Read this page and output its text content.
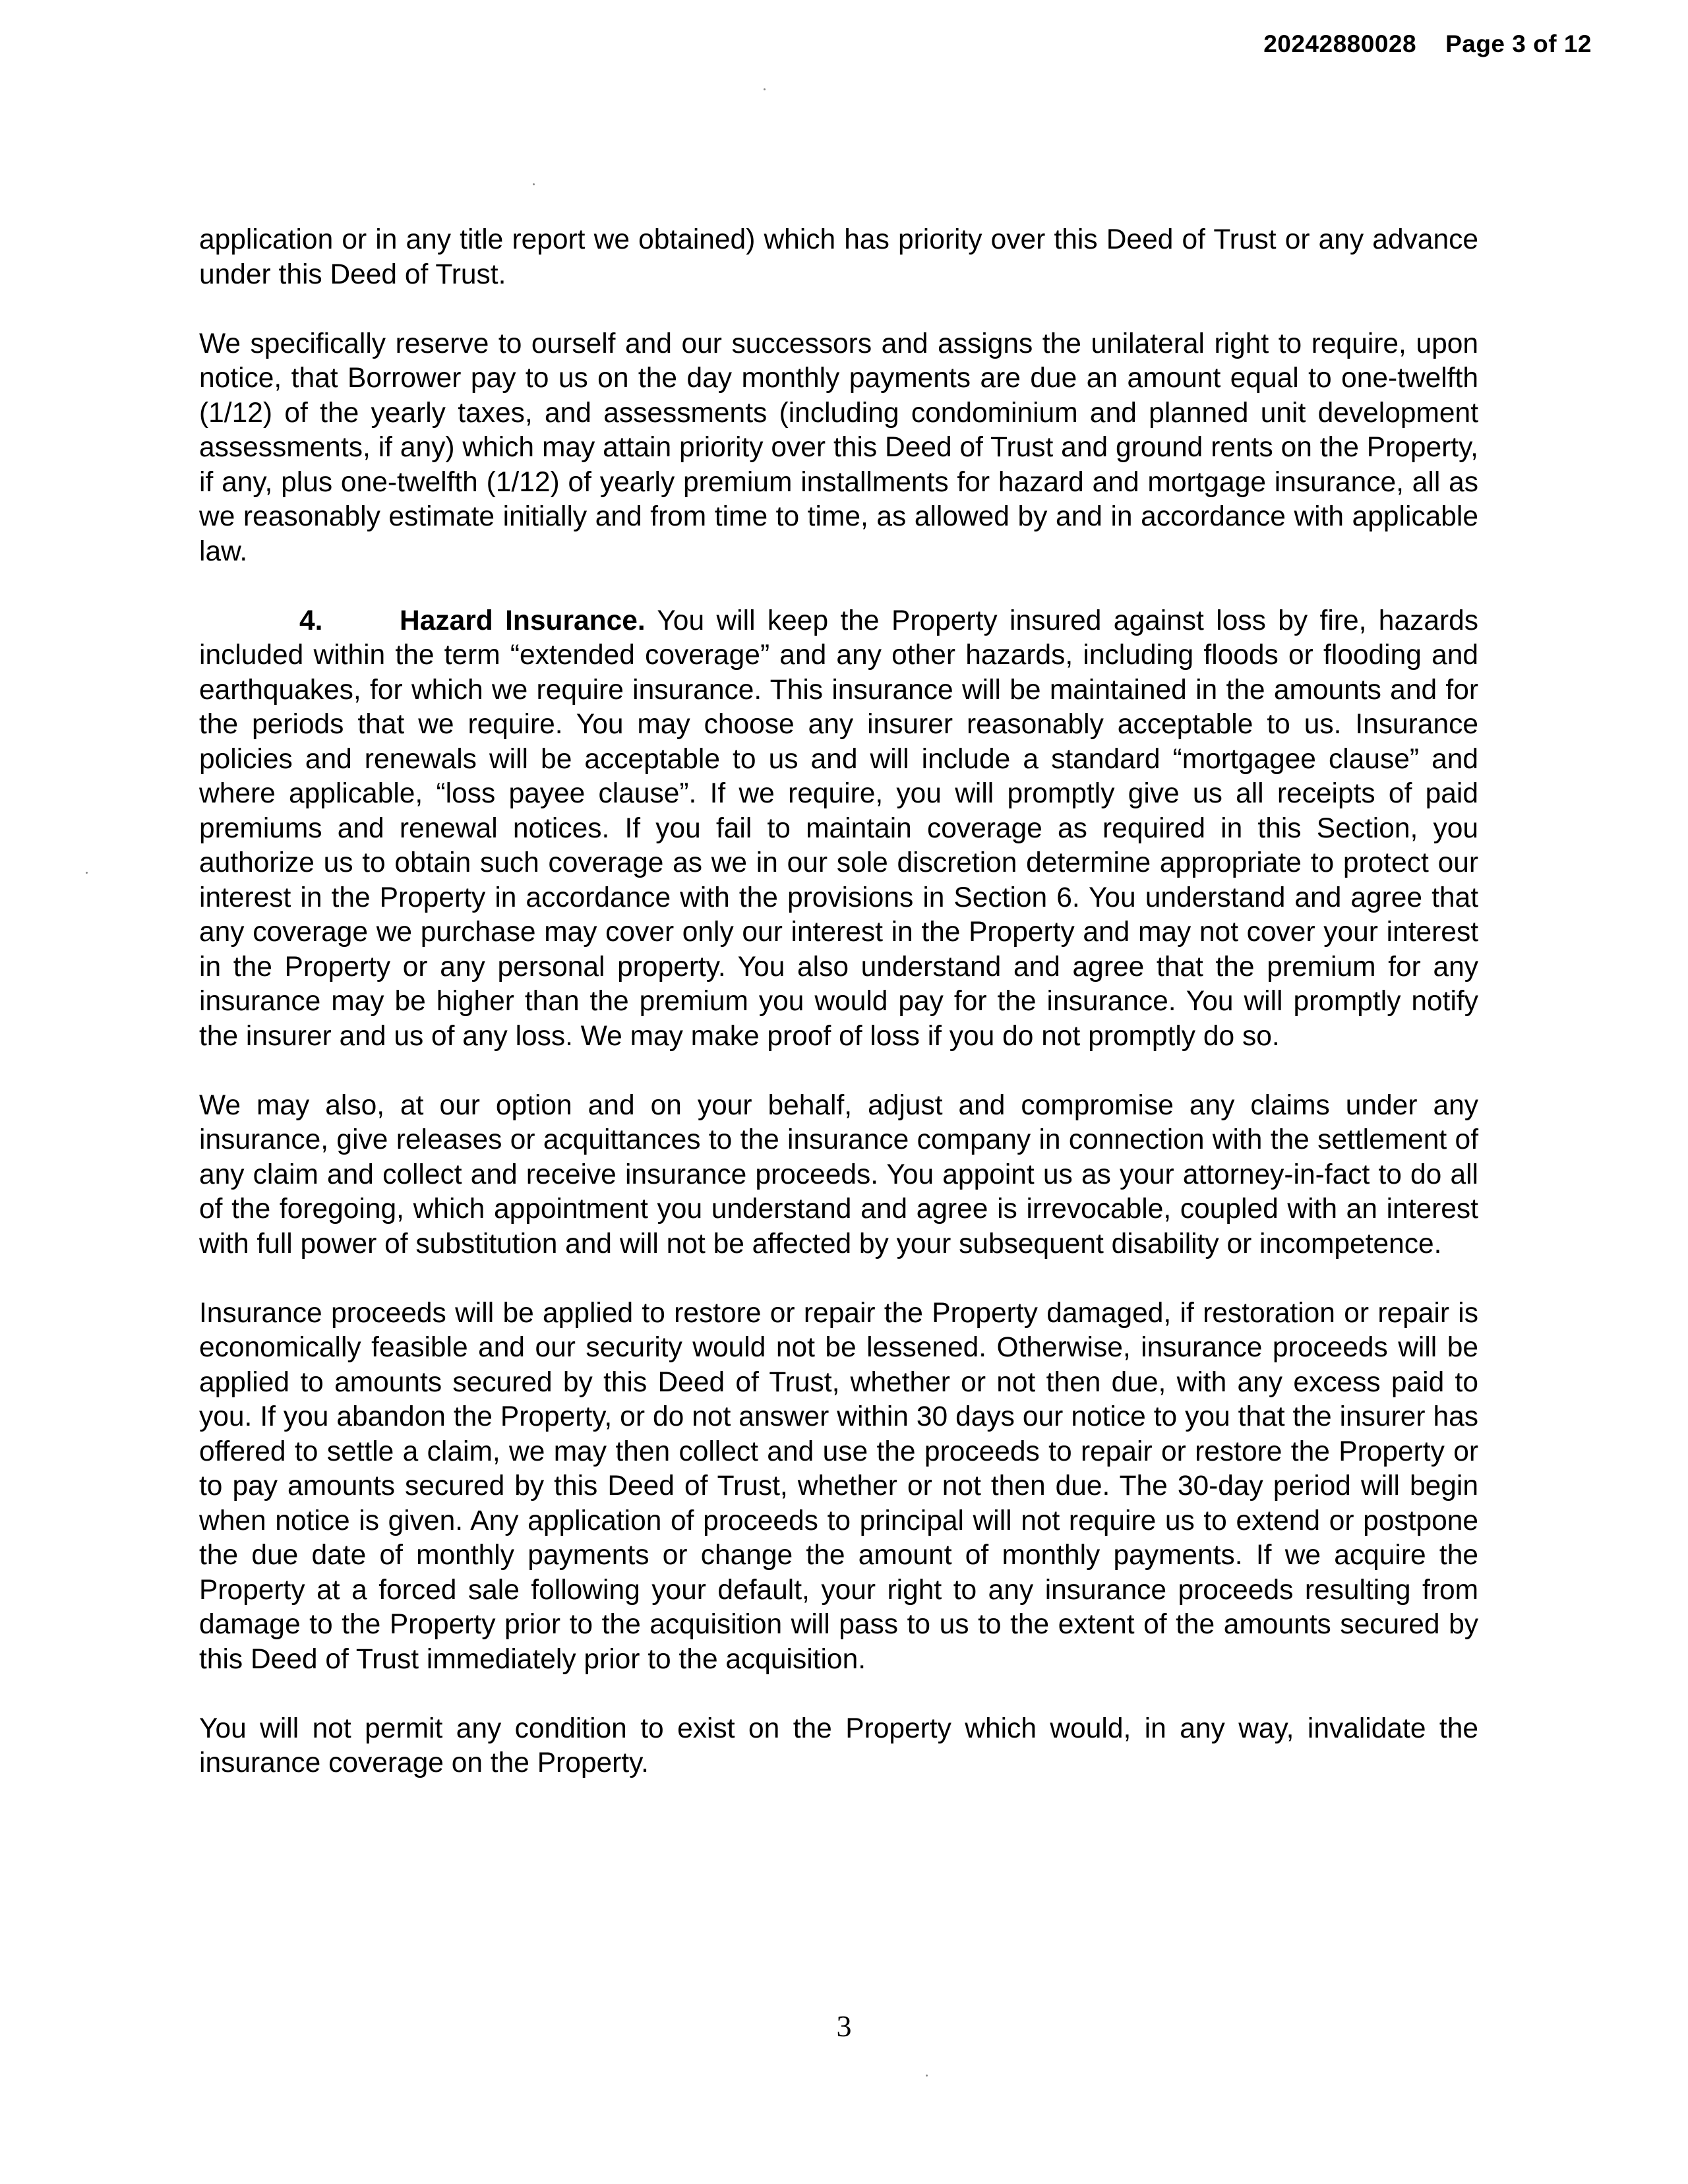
20242880028 Page 3 of 12

application or in any title report we obtained) which has priority over this Deed of Trust or any advance under this Deed of Trust.

We specifically reserve to ourself and our successors and assigns the unilateral right to require, upon notice, that Borrower pay to us on the day monthly payments are due an amount equal to one-twelfth (1/12) of the yearly taxes, and assessments (including condominium and planned unit development assessments, if any) which may attain priority over this Deed of Trust and ground rents on the Property, if any, plus one-twelfth (1/12) of yearly premium installments for hazard and mortgage insurance, all as we reasonably estimate initially and from time to time, as allowed by and in accordance with applicable law.

4.	Hazard Insurance. You will keep the Property insured against loss by fire, hazards included within the term “extended coverage” and any other hazards, including floods or flooding and earthquakes, for which we require insurance. This insurance will be maintained in the amounts and for the periods that we require. You may choose any insurer reasonably acceptable to us. Insurance policies and renewals will be acceptable to us and will include a standard “mortgagee clause” and where applicable, “loss payee clause”. If we require, you will promptly give us all receipts of paid premiums and renewal notices. If you fail to maintain coverage as required in this Section, you authorize us to obtain such coverage as we in our sole discretion determine appropriate to protect our interest in the Property in accordance with the provisions in Section 6. You understand and agree that any coverage we purchase may cover only our interest in the Property and may not cover your interest in the Property or any personal property. You also understand and agree that the premium for any insurance may be higher than the premium you would pay for the insurance. You will promptly notify the insurer and us of any loss. We may make proof of loss if you do not promptly do so.

We may also, at our option and on your behalf, adjust and compromise any claims under any insurance, give releases or acquittances to the insurance company in connection with the settlement of any claim and collect and receive insurance proceeds. You appoint us as your attorney-in-fact to do all of the foregoing, which appointment you understand and agree is irrevocable, coupled with an interest with full power of substitution and will not be affected by your subsequent disability or incompetence.

Insurance proceeds will be applied to restore or repair the Property damaged, if restoration or repair is economically feasible and our security would not be lessened. Otherwise, insurance proceeds will be applied to amounts secured by this Deed of Trust, whether or not then due, with any excess paid to you. If you abandon the Property, or do not answer within 30 days our notice to you that the insurer has offered to settle a claim, we may then collect and use the proceeds to repair or restore the Property or to pay amounts secured by this Deed of Trust, whether or not then due. The 30-day period will begin when notice is given. Any application of proceeds to principal will not require us to extend or postpone the due date of monthly payments or change the amount of monthly payments. If we acquire the Property at a forced sale following your default, your right to any insurance proceeds resulting from damage to the Property prior to the acquisition will pass to us to the extent of the amounts secured by this Deed of Trust immediately prior to the acquisition.

You will not permit any condition to exist on the Property which would, in any way, invalidate the insurance coverage on the Property.

3
